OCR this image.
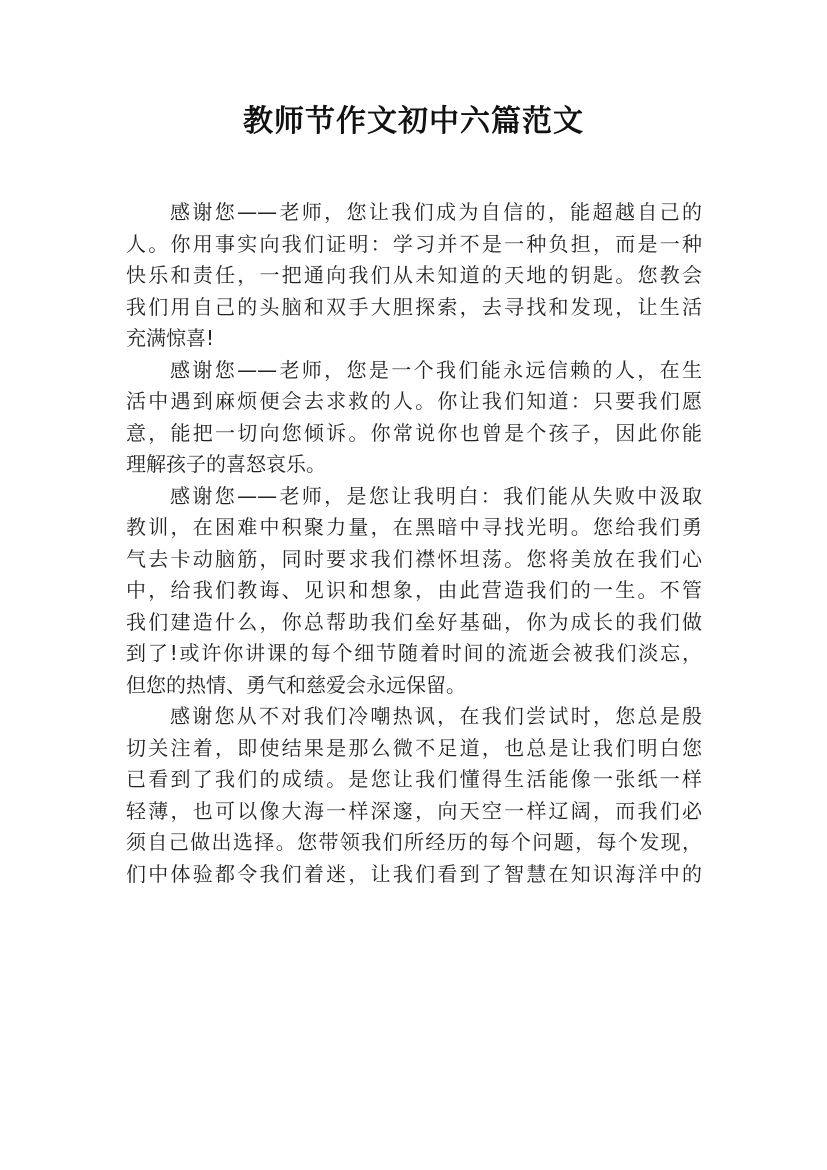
教师节作文初中六篇范文
感谢您——老师，您让我们成为自信的，能超越自己的
人。你用事实向我们证明：学习并不是一种负担，而是一种
快乐和责任，一把通向我们从未知道的天地的钥匙。您教会
我们用自己的头脑和双手大胆探索，去寻找和发现，让生活
充满惊喜!
感谢您——老师，您是一个我们能永远信赖的人，在生
活中遇到麻烦便会去求救的人。你让我们知道：只要我们愿
意，能把一切向您倾诉。你常说你也曾是个孩子，因此你能
理解孩子的喜怒哀乐。
感谢您——老师，是您让我明白：我们能从失败中汲取
教训，在困难中积聚力量，在黑暗中寻找光明。您给我们勇
气去卡动脑筋，同时要求我们襟怀坦荡。您将美放在我们心
中，给我们教诲、见识和想象，由此营造我们的一生。不管
我们建造什么，你总帮助我们垒好基础，你为成长的我们做
到了!或许你讲课的每个细节随着时间的流逝会被我们淡忘，
但您的热情、勇气和慈爱会永远保留。
感谢您从不对我们冷嘲热讽，在我们尝试时，您总是殷
切关注着，即使结果是那么微不足道，也总是让我们明白您
已看到了我们的成绩。是您让我们懂得生活能像一张纸一样
轻薄，也可以像大海一样深邃，向天空一样辽阔，而我们必
须自己做出选择。您带领我们所经历的每个问题，每个发现，
们中体验都令我们着迷，让我们看到了智慧在知识海洋中的
